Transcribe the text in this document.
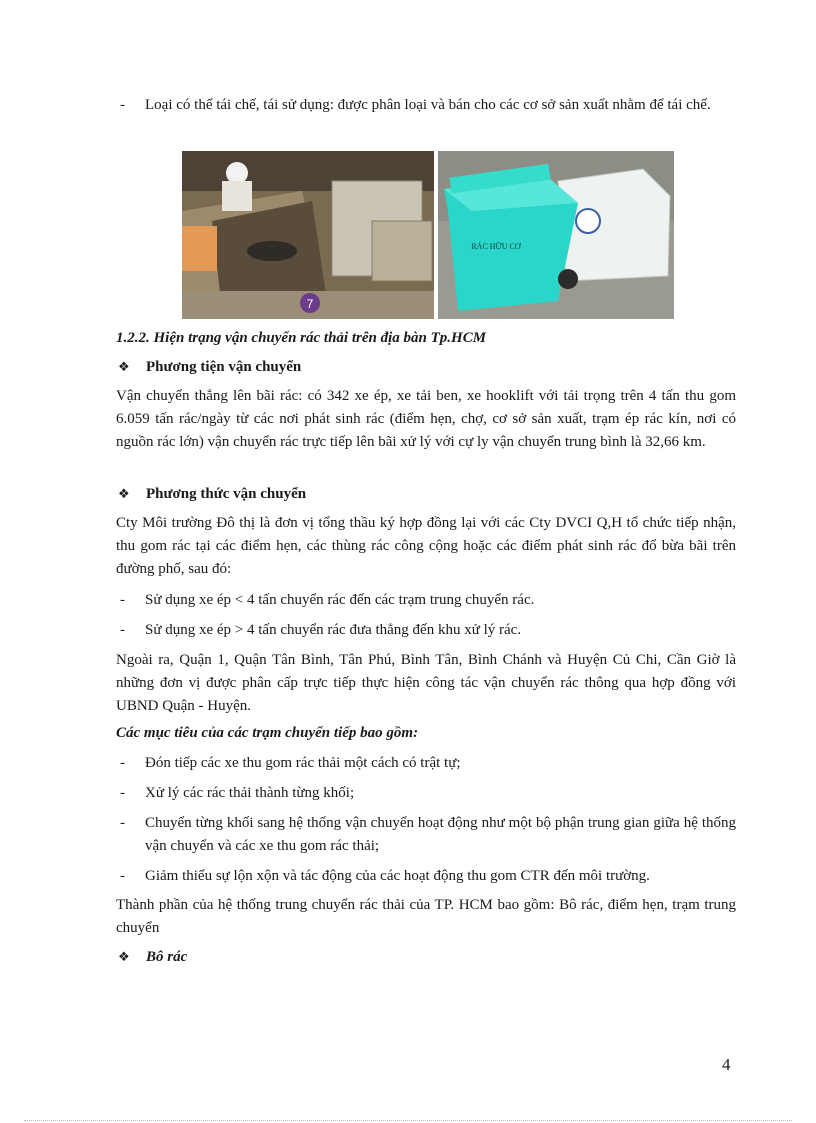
-	Loại có thể tái chế, tái sử dụng: được phân loại và bán cho các cơ sở sản xuất nhằm để tái chế.
7
RÁC HỮU CƠ
1.2.2. Hiện trạng vận chuyển rác thải trên địa bàn Tp.HCM
❖	Phương tiện vận chuyển
Vận chuyển thẳng lên bãi rác: có 342 xe ép, xe tải ben, xe hooklift với tải trọng trên 4 tấn thu gom 6.059 tấn rác/ngày từ các nơi phát sinh rác (điểm hẹn, chợ, cơ sở sản xuất, trạm ép rác kín, nơi có nguồn rác lớn) vận chuyển rác trực tiếp lên bãi xử lý với cự ly vận chuyển trung bình là 32,66 km.
❖	Phương thức vận chuyển
Cty Môi trường Đô thị là đơn vị tổng thầu ký hợp đồng lại với các Cty DVCI Q,H tổ chức tiếp nhận, thu gom rác tại các điểm hẹn, các thùng rác công cộng hoặc các điểm phát sinh rác đổ bừa bãi trên đường phố, sau đó:
-	Sử dụng xe ép < 4 tấn chuyển rác đến các trạm trung chuyển rác.
-	Sử dụng xe ép > 4 tấn chuyển rác đưa thẳng đến khu xử lý rác.
Ngoài ra, Quận 1, Quận Tân Bình, Tân Phú, Bình Tân, Bình Chánh và Huyện Củ Chi, Cần Giờ là những đơn vị được phân cấp trực tiếp thực hiện công tác vận chuyển rác thông qua hợp đồng với UBND Quận - Huyện.
Các mục tiêu của các trạm chuyển tiếp bao gồm:
-	Đón tiếp các xe thu gom rác thải một cách có trật tự;
-	Xử lý các rác thải thành từng khối;
-	Chuyển từng khối sang hệ thống vận chuyển hoạt động như một bộ phận trung gian giữa hệ thống vận chuyển và các xe thu gom rác thải;
-	Giảm thiểu sự lộn xộn và tác động của các hoạt động thu gom CTR đến môi trường.
Thành phần của hệ thống trung chuyển rác thải của TP. HCM bao gồm: Bô rác, điểm hẹn, trạm trung chuyển
❖	Bô rác
4
